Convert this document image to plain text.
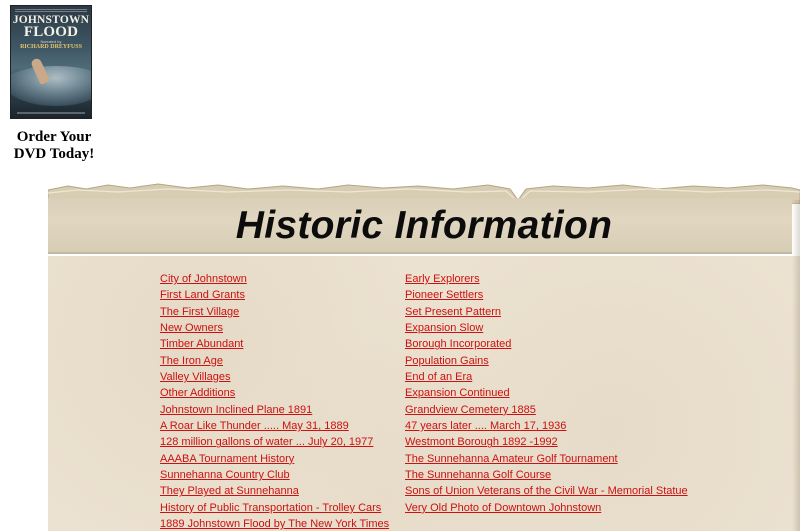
JOHNSTOWN
FLOOD
Narrated by
RICHARD DREYFUSS
Order Your
DVD Today!
Historic Information
City of Johnstown
First Land Grants
The First Village
New Owners
Timber Abundant
The Iron Age
Valley Villages
Other Additions
Johnstown Inclined Plane 1891
A Roar Like Thunder ..... May 31, 1889
128 million gallons of water ... July 20, 1977
AAABA Tournament History
Sunnehanna Country Club
They Played at Sunnehanna
History of Public Transportation - Trolley Cars
1889 Johnstown Flood by The New York Times
Early Explorers
Pioneer Settlers
Set Present Pattern
Expansion Slow
Borough Incorporated
Population Gains
End of an Era
Expansion Continued
Grandview Cemetery 1885
47 years later .... March 17, 1936
Westmont Borough 1892 -1992
The Sunnehanna Amateur Golf Tournament
The Sunnehanna Golf Course
Sons of Union Veterans of the Civil War - Memorial Statue
Very Old Photo of Downtown Johnstown
